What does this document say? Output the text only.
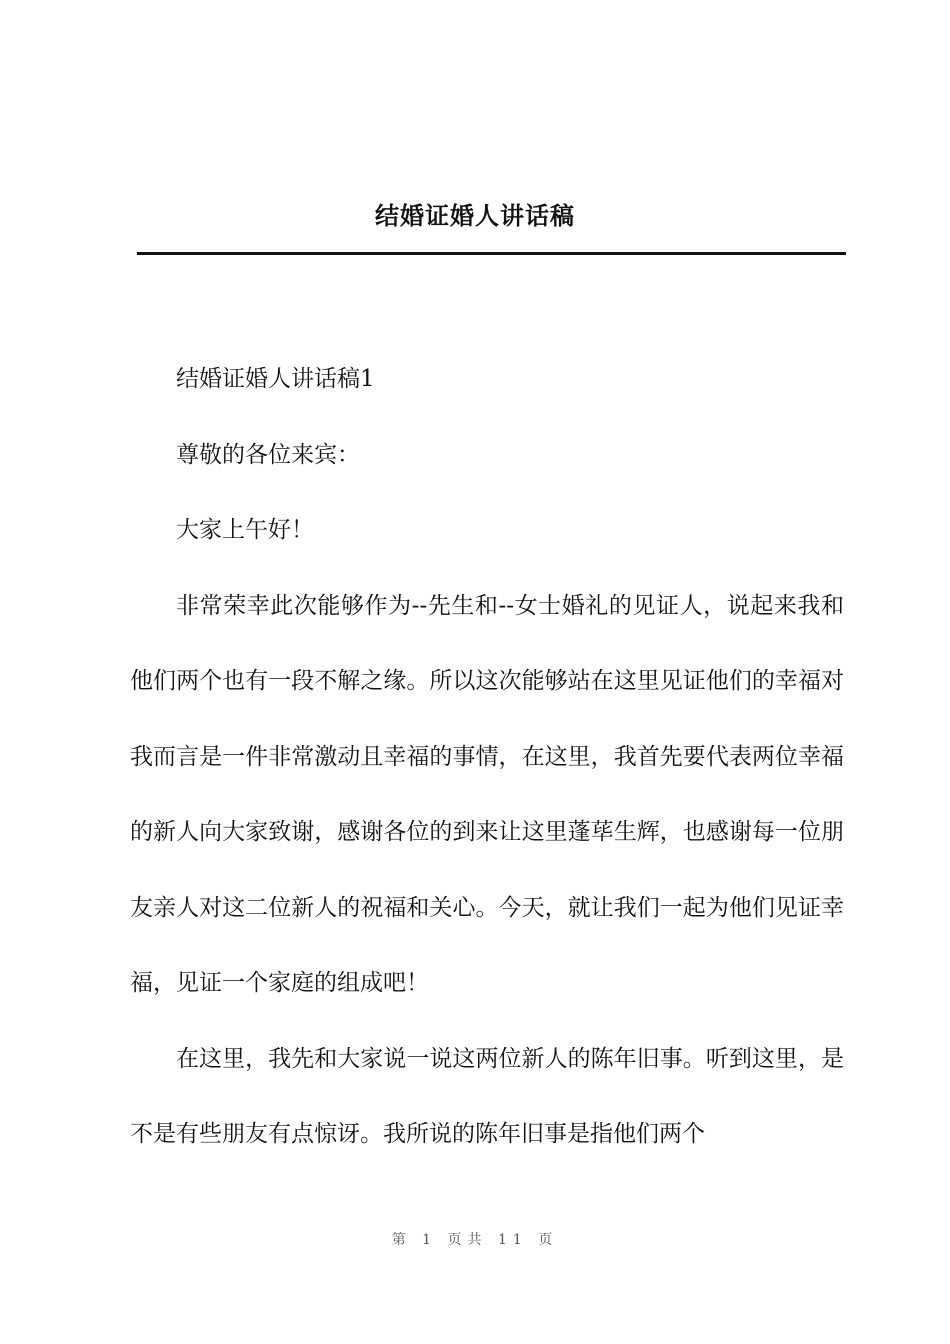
结婚证婚人讲话稿

结婚证婚人讲话稿1

尊敬的各位来宾：

大家上午好！

非常荣幸此次能够作为--先生和--女士婚礼的见证人，说起来我和他们两个也有一段不解之缘。所以这次能够站在这里见证他们的幸福对我而言是一件非常激动且幸福的事情，在这里，我首先要代表两位幸福的新人向大家致谢，感谢各位的到来让这里蓬荜生辉，也感谢每一位朋友亲人对这二位新人的祝福和关心。今天，就让我们一起为他们见证幸福，见证一个家庭的组成吧！

在这里，我先和大家说一说这两位新人的陈年旧事。听到这里，是不是有些朋友有点惊讶。我所说的陈年旧事是指他们两个

第 1 页共 11 页
